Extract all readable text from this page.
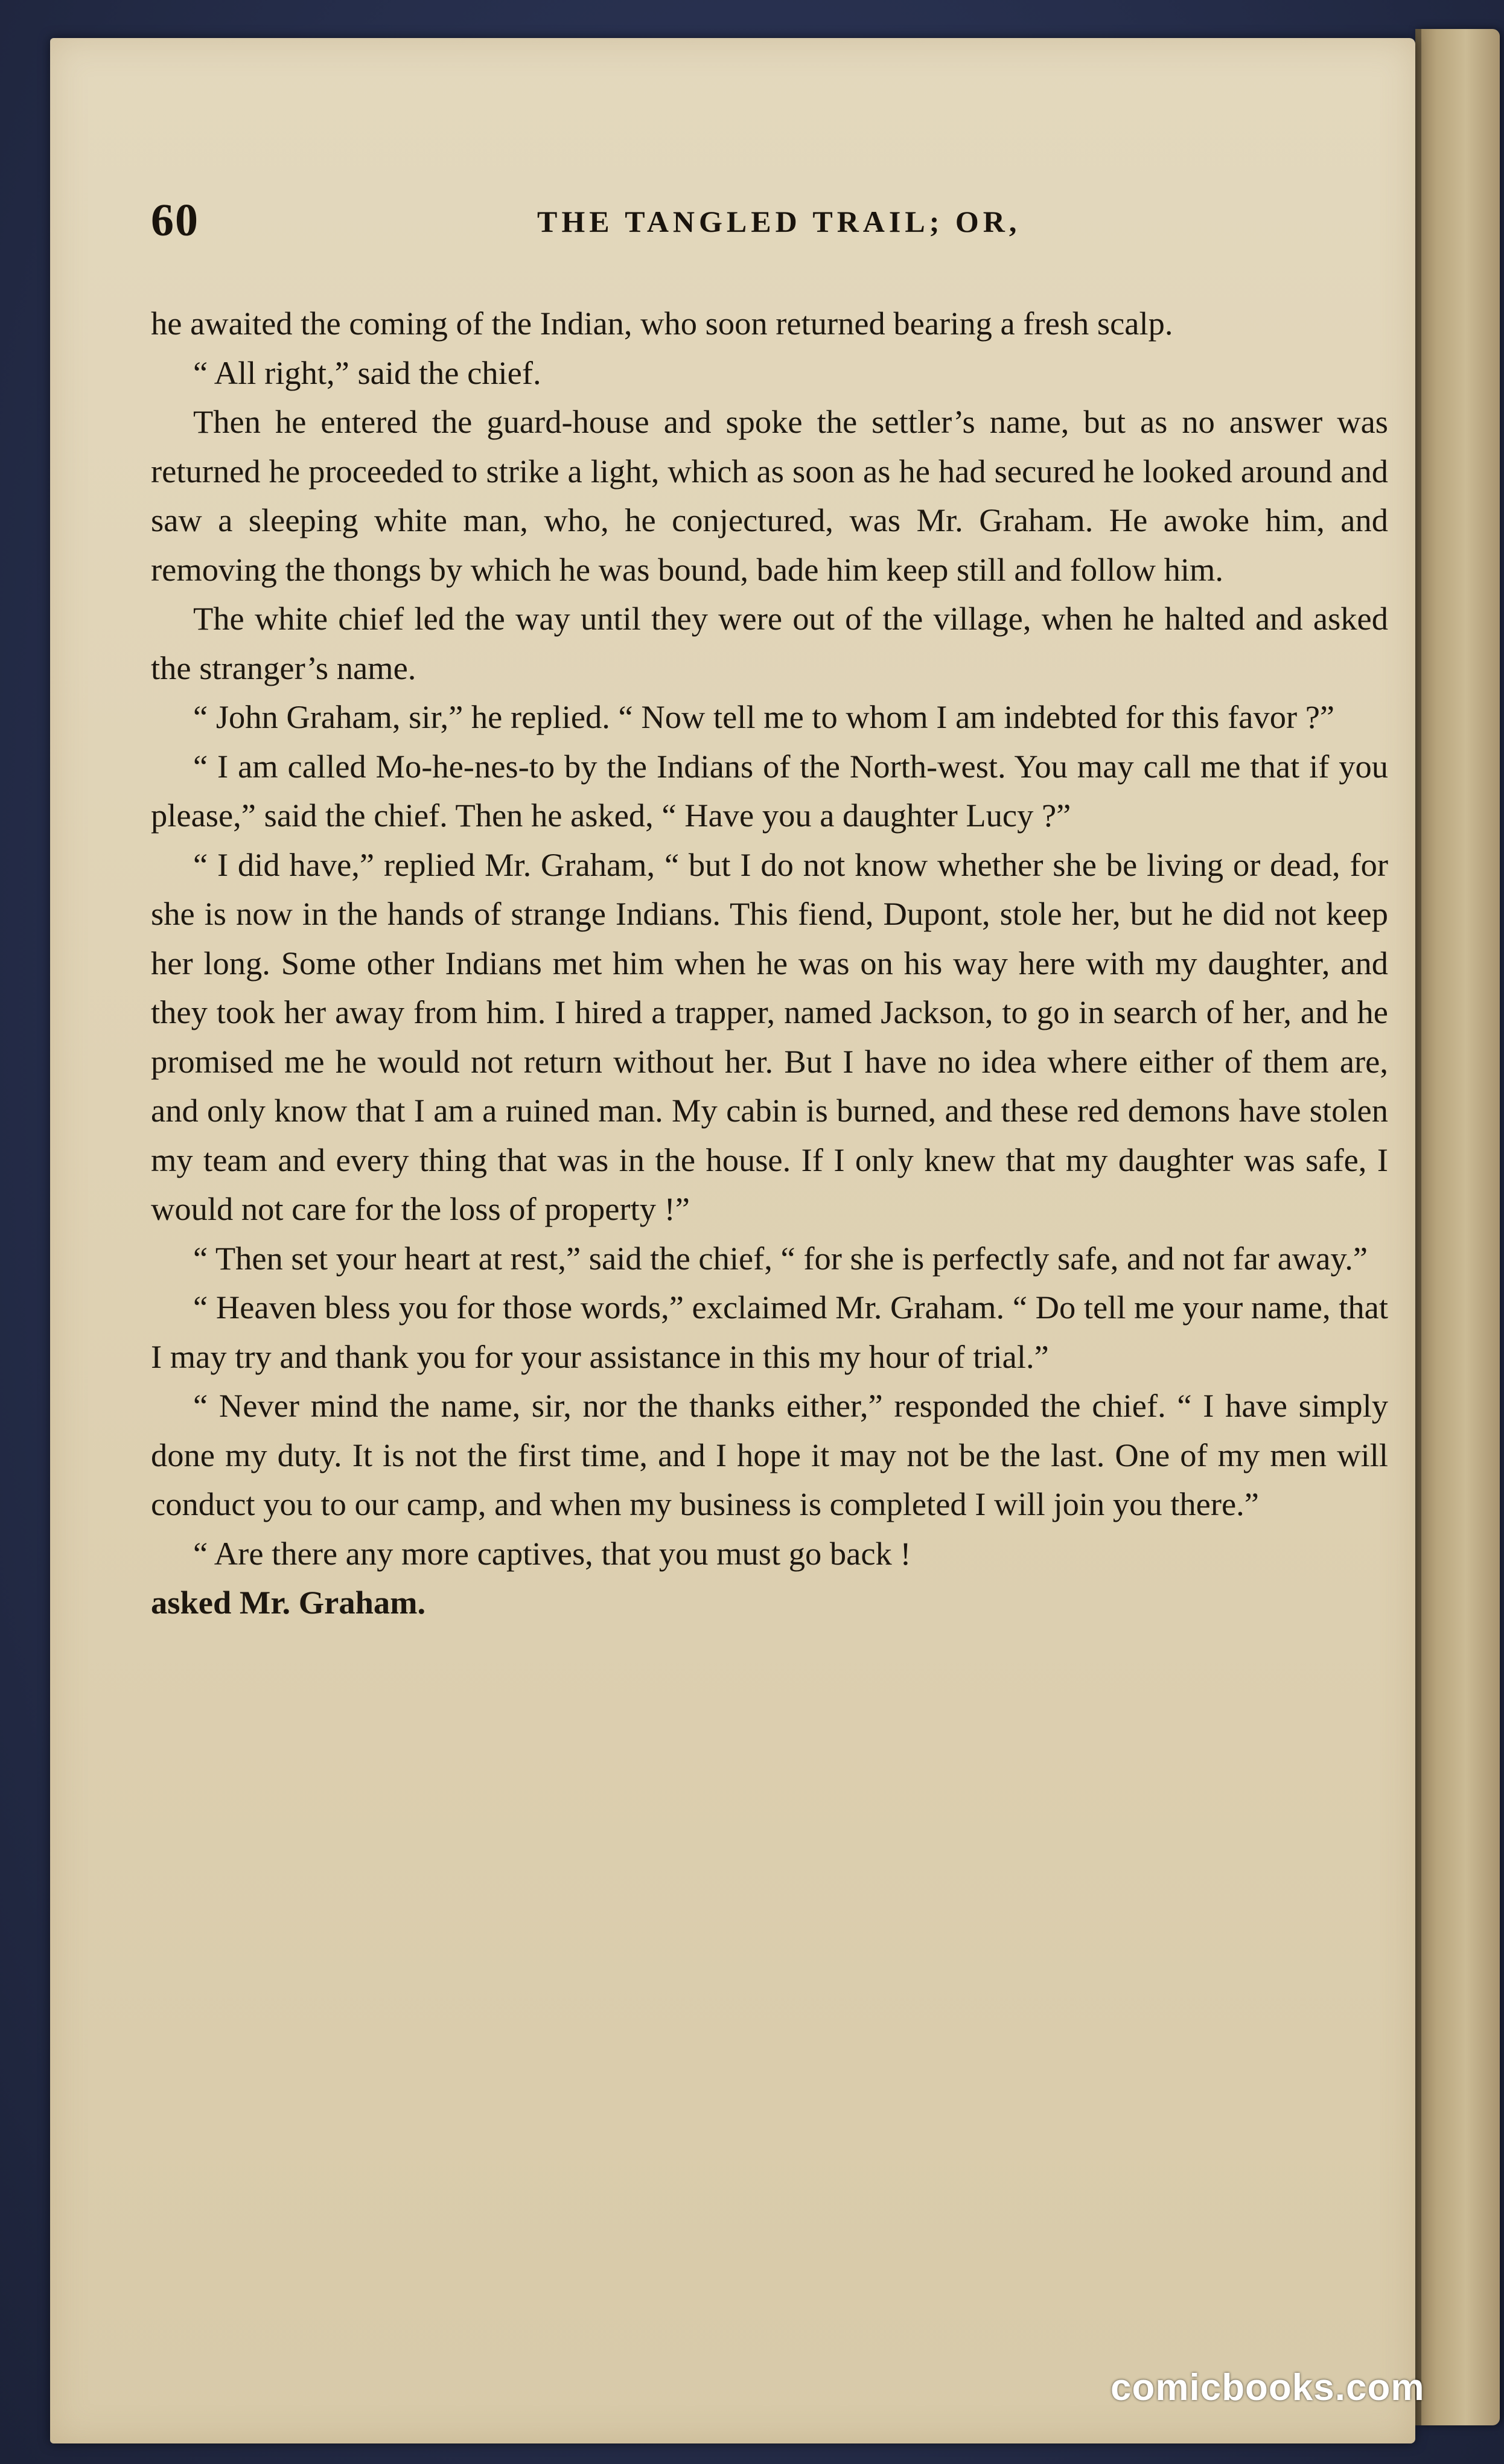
60	THE TANGLED TRAIL; OR,

he awaited the coming of the Indian, who soon returned bearing a fresh scalp.

“ All right,” said the chief.

Then he entered the guard-house and spoke the settler’s name, but as no answer was returned he proceeded to strike a light, which as soon as he had secured he looked around and saw a sleeping white man, who, he conjectured, was Mr. Graham. He awoke him, and removing the thongs by which he was bound, bade him keep still and follow him.

The white chief led the way until they were out of the village, when he halted and asked the stranger’s name.

“ John Graham, sir,” he replied. “ Now tell me to whom I am indebted for this favor ?”

“ I am called Mo-he-nes-to by the Indians of the North-west. You may call me that if you please,” said the chief. Then he asked, “ Have you a daughter Lucy ?”

“ I did have,” replied Mr. Graham, “ but I do not know whether she be living or dead, for she is now in the hands of strange Indians. This fiend, Dupont, stole her, but he did not keep her long. Some other Indians met him when he was on his way here with my daughter, and they took her away from him. I hired a trapper, named Jackson, to go in search of her, and he promised me he would not return without her. But I have no idea where either of them are, and only know that I am a ruined man. My cabin is burned, and these red demons have stolen my team and every thing that was in the house. If I only knew that my daughter was safe, I would not care for the loss of property !”

“ Then set your heart at rest,” said the chief, “ for she is perfectly safe, and not far away.”

“ Heaven bless you for those words,” exclaimed Mr. Graham. “ Do tell me your name, that I may try and thank you for your assistance in this my hour of trial.”

“ Never mind the name, sir, nor the thanks either,” responded the chief. “ I have simply done my duty. It is not the first time, and I hope it may not be the last. One of my men will conduct you to our camp, and when my business is completed I will join you there.”

“ Are there any more captives, that you must go back !

asked Mr. Graham.

comicbooks.com
